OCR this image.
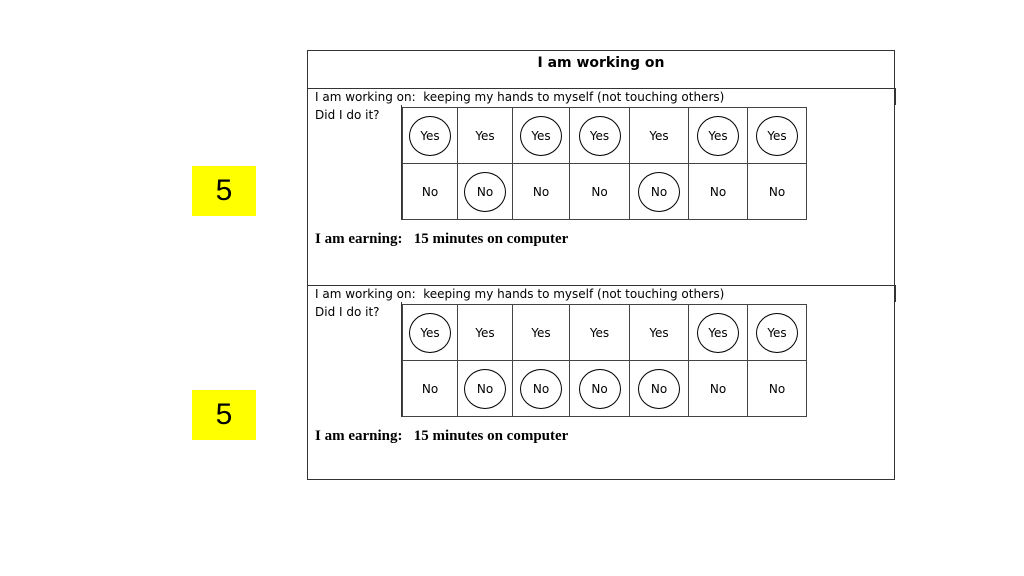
5
5
I am working on
I am working on:  keeping my hands to myself (not touching others)
Did I do it?
Yes	Yes	Yes	Yes	Yes	Yes	Yes

No	No	No	No	No	No	No
I am earning:   15 minutes on computer
I am working on:  keeping my hands to myself (not touching others)
Did I do it?
Yes	Yes	Yes	Yes	Yes	Yes	Yes

No	No	No	No	No	No	No
I am earning:   15 minutes on computer
